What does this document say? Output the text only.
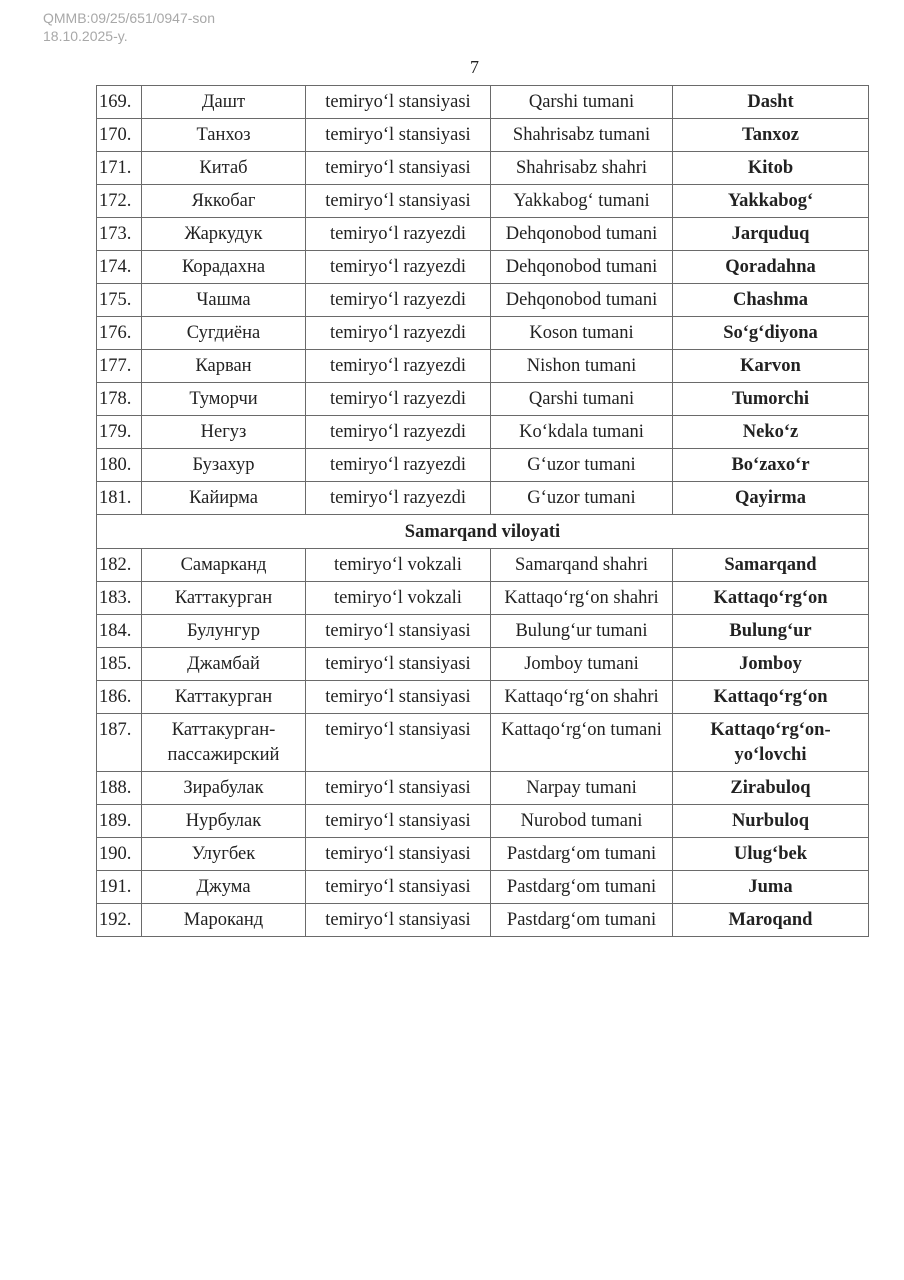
QMMB:09/25/651/0947-son
18.10.2025-y.
7
169.	Дашт	temiryo‘l stansiyasi	Qarshi tumani	Dasht
170.	Танхоз	temiryo‘l stansiyasi	Shahrisabz tumani	Tanxoz
171.	Китаб	temiryo‘l stansiyasi	Shahrisabz shahri	Kitob
172.	Яккобаг	temiryo‘l stansiyasi	Yakkabog‘ tumani	Yakkabog‘
173.	Жаркудук	temiryo‘l razyezdi	Dehqonobod tumani	Jarquduq
174.	Корадахна	temiryo‘l razyezdi	Dehqonobod tumani	Qoradahna
175.	Чашма	temiryo‘l razyezdi	Dehqonobod tumani	Chashma
176.	Сугдиёна	temiryo‘l razyezdi	Koson tumani	So‘g‘diyona
177.	Карван	temiryo‘l razyezdi	Nishon tumani	Karvon
178.	Туморчи	temiryo‘l razyezdi	Qarshi tumani	Tumorchi
179.	Негуз	temiryo‘l razyezdi	Ko‘kdala tumani	Neko‘z
180.	Бузахур	temiryo‘l razyezdi	G‘uzor tumani	Bo‘zaxo‘r
181.	Кайирма	temiryo‘l razyezdi	G‘uzor tumani	Qayirma
Samarqand viloyati				
182.	Самарканд	temiryo‘l vokzali	Samarqand shahri	Samarqand
183.	Каттакурган	temiryo‘l vokzali	Kattaqo‘rg‘on shahri	Kattaqo‘rg‘on
184.	Булунгур	temiryo‘l stansiyasi	Bulung‘ur tumani	Bulung‘ur
185.	Джамбай	temiryo‘l stansiyasi	Jomboy tumani	Jomboy
186.	Каттакурган	temiryo‘l stansiyasi	Kattaqo‘rg‘on shahri	Kattaqo‘rg‘on
187.	Каттакурган-пассажирский	temiryo‘l stansiyasi	Kattaqo‘rg‘on tumani	Kattaqo‘rg‘on-yo‘lovchi
188.	Зирабулак	temiryo‘l stansiyasi	Narpay tumani	Zirabuloq
189.	Нурбулак	temiryo‘l stansiyasi	Nurobod tumani	Nurbuloq
190.	Улугбек	temiryo‘l stansiyasi	Pastdarg‘om tumani	Ulug‘bek
191.	Джума	temiryo‘l stansiyasi	Pastdarg‘om tumani	Juma
192.	Мароканд	temiryo‘l stansiyasi	Pastdarg‘om tumani	Maroqand
